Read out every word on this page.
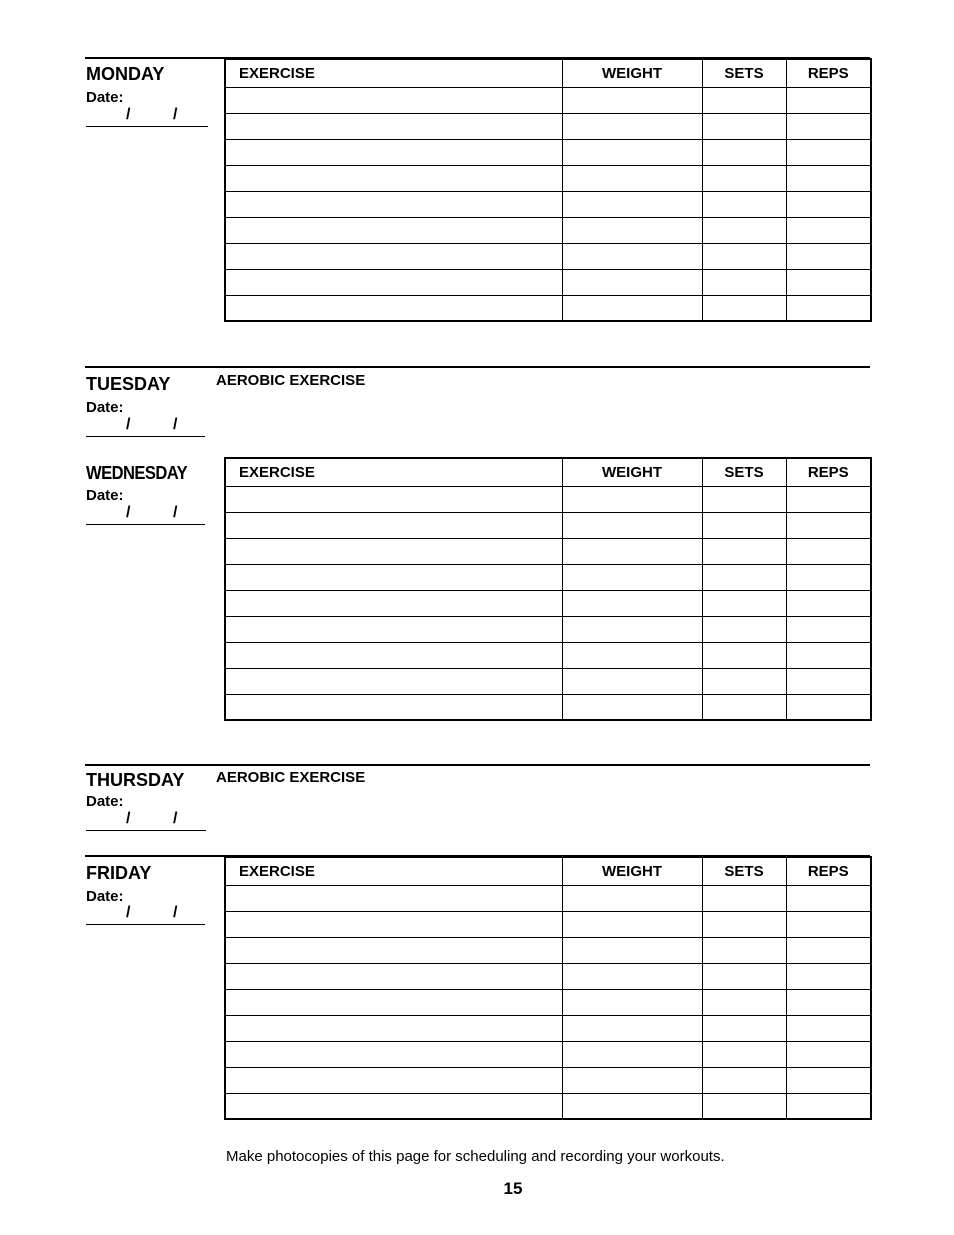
MONDAY
Date:
/	/
EXERCISE	WEIGHT	SETS	REPS

TUESDAY	AEROBIC EXERCISE
Date:
/	/
WEDNESDAY
Date:
/	/
EXERCISE	WEIGHT	SETS	REPS

THURSDAY AEROBIC EXERCISE
Date:
/	/
FRIDAY
Date:
/	/
EXERCISE	WEIGHT	SETS	REPS

Make photocopies of this page for scheduling and recording your workouts.
15
